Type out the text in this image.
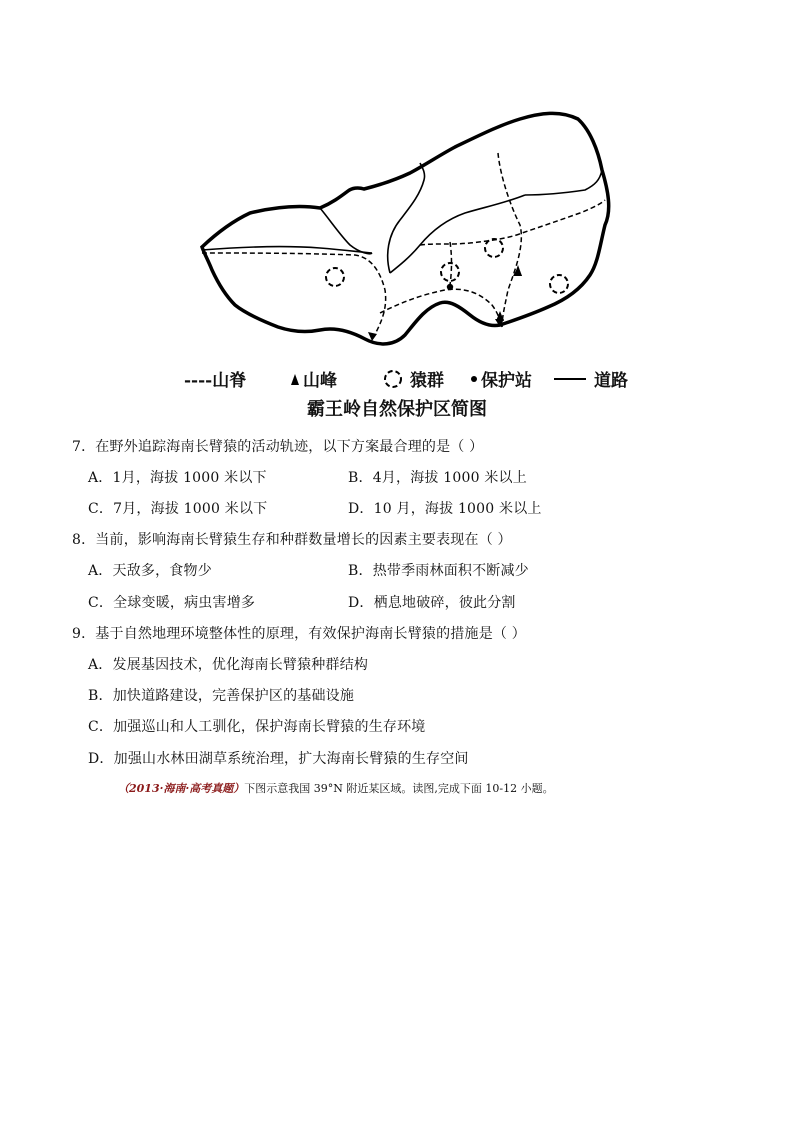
----山脊	山峰	猿群 保护站	道路
霸王岭自然保护区简图
7．在野外追踪海南长臂猿的活动轨迹，以下方案最合理的是（ ）
A．1月，海拔 1000 米以下	B．4月，海拔 1000 米以上
C．7月，海拔 1000 米以下	D．10 月，海拔 1000 米以上
8．当前，影响海南长臂猿生存和种群数量增长的因素主要表现在（ ）
A．天敌多，食物少	B．热带季雨林面积不断减少
C．全球变暖，病虫害增多	D．栖息地破碎，彼此分割
9．基于自然地理环境整体性的原理，有效保护海南长臂猿的措施是（ ）
A．发展基因技术，优化海南长臂猿种群结构
B．加快道路建设，完善保护区的基础设施
C．加强巡山和人工驯化，保护海南长臂猿的生存环境
D．加强山水林田湖草系统治理，扩大海南长臂猿的生存空间
（2013·海南·高考真题）下图示意我国 39°N 附近某区域。读图,完成下面 10-12 小题。
